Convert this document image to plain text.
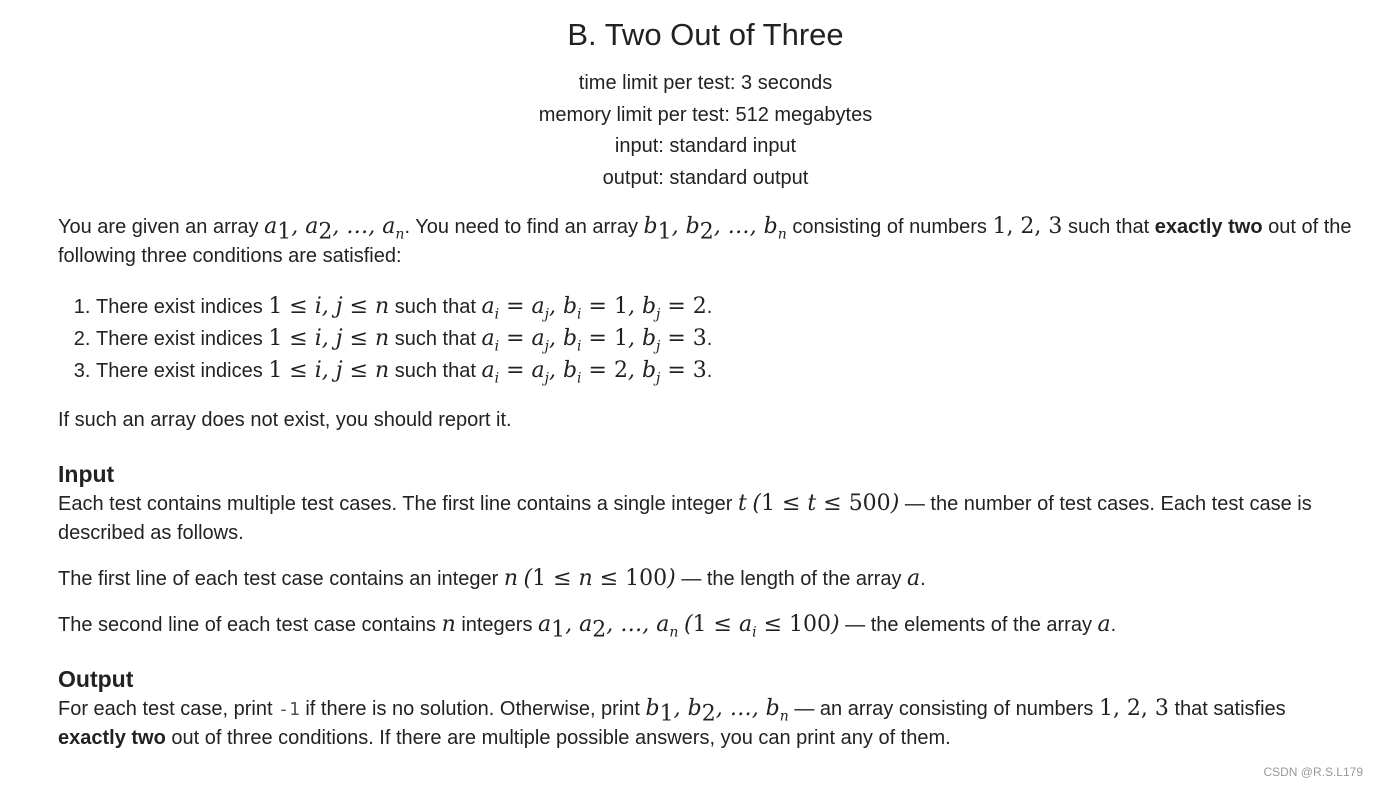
B. Two Out of Three
time limit per test: 3 seconds
memory limit per test: 512 megabytes
input: standard input
output: standard output
You are given an array $a_1$, $a_2$, …, $a_n$. You need to find an array $b_1$, $b_2$, …, $b_n$ consisting of numbers 1, 2, 3 such that exactly two out of the following three conditions are satisfied:
1. There exist indices 1 ≤ i, j ≤ n such that $a_i = a_j$, $b_i = 1$, $b_j = 2$.
2. There exist indices 1 ≤ i, j ≤ n such that $a_i = a_j$, $b_i = 1$, $b_j = 3$.
3. There exist indices 1 ≤ i, j ≤ n such that $a_i = a_j$, $b_i = 2$, $b_j = 3$.
If such an array does not exist, you should report it.
Input
Each test contains multiple test cases. The first line contains a single integer t (1 ≤ t ≤ 500) — the number of test cases. Each test case is described as follows.
The first line of each test case contains an integer n (1 ≤ n ≤ 100) — the length of the array a.
The second line of each test case contains n integers $a_1$, $a_2$, …, $a_n$ $(1 \le a_i \le 100)$ — the elements of the array a.
Output
For each test case, print -1 if there is no solution. Otherwise, print $b_1$, $b_2$, …, $b_n$ — an array consisting of numbers 1, 2, 3 that satisfies exactly two out of three conditions. If there are multiple possible answers, you can print any of them.
CSDN @R.S.L179
